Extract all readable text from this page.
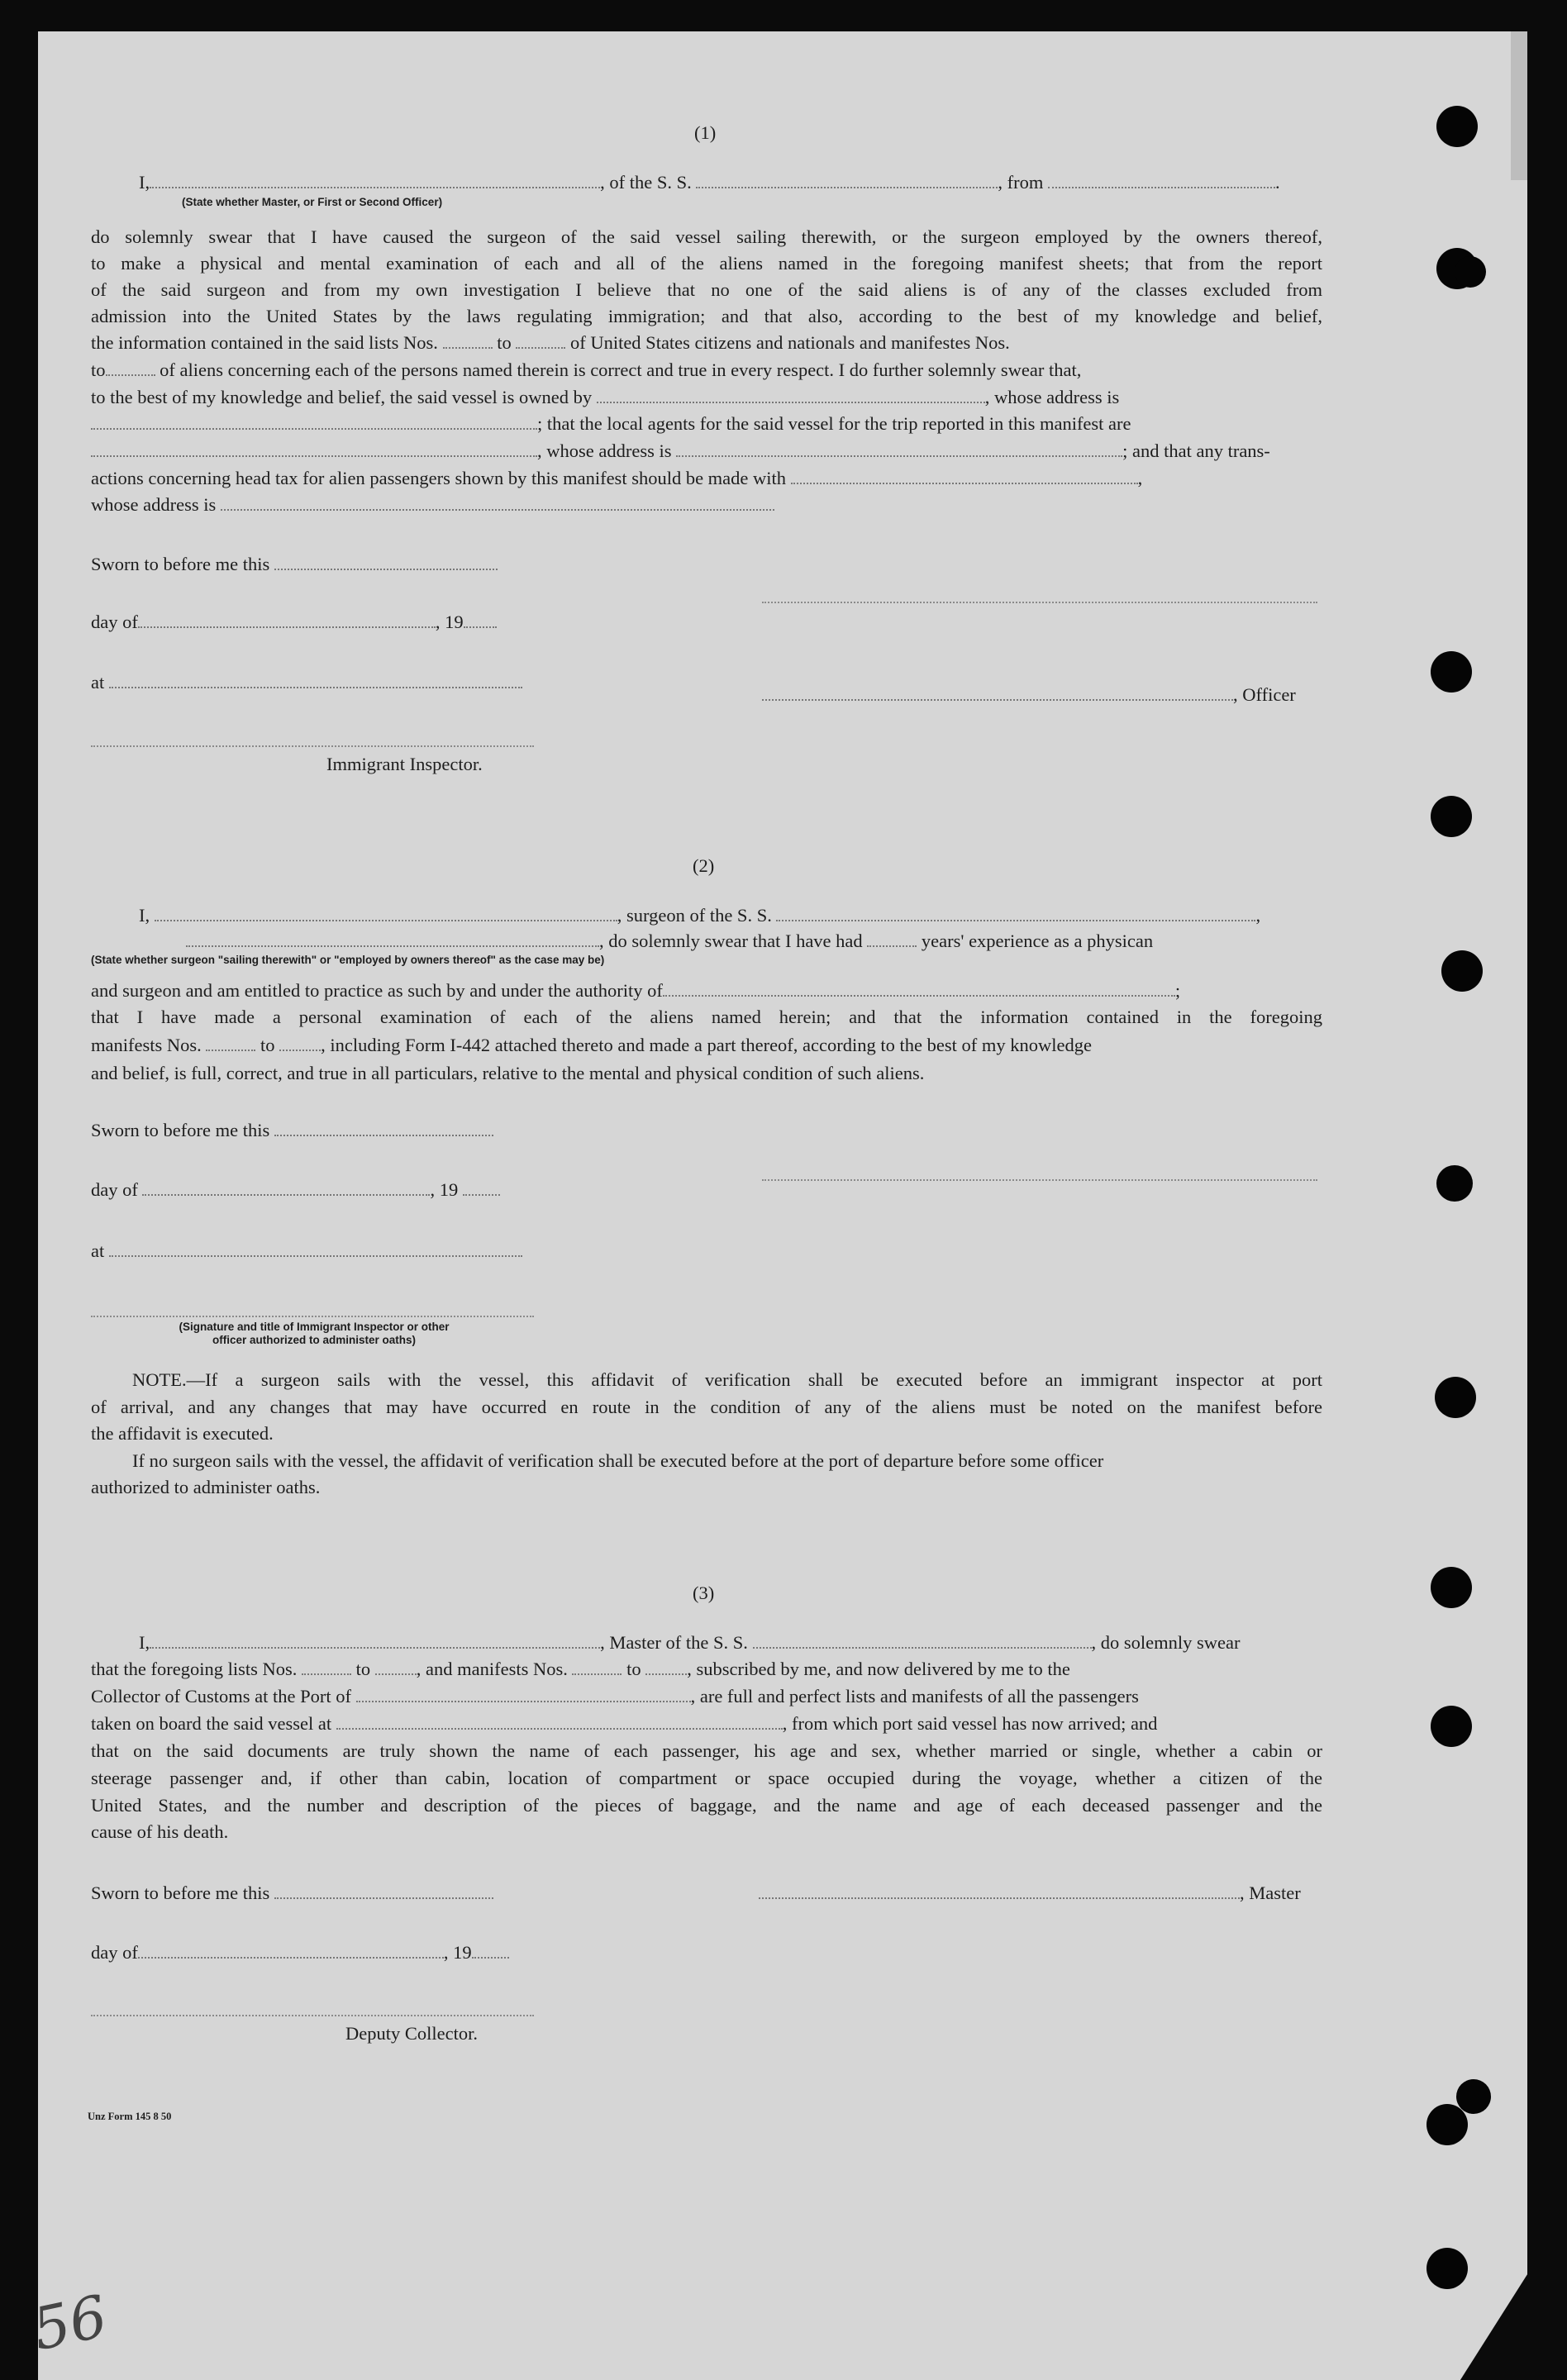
(1)
I,	, of the S. S.	, from	.
(State whether Master, or First or Second Officer)
do solemnly swear that I have caused the surgeon of the said vessel sailing therewith, or the surgeon employed by the owners thereof,
to make a physical and mental examination of each and all of the aliens named in the foregoing manifest sheets; that from the report
of the said surgeon and from my own investigation I believe that no one of the said aliens is of any of the classes excluded from
admission into the United States by the laws regulating immigration; and that also, according to the best of my knowledge and belief,
the information contained in the said lists Nos.	to	of United States citizens and nationals and manifestes Nos.
to	of aliens concerning each of the persons named therein is correct and true in every respect. I do further solemnly swear that,
to the best of my knowledge and belief, the said vessel is owned by	, whose address is
; that the local agents for the said vessel for the trip reported in this manifest are
, whose address is	; and that any trans-
actions concerning head tax for alien passengers shown by this manifest should be made with	,
whose address is
Sworn to before me this
day of	, 19
at
, Officer
Immigrant Inspector.
(2)
I,	, surgeon of the S. S.	,
, do solemnly swear that I have had	years' experience as a physican
(State whether surgeon "sailing therewith" or "employed by owners thereof" as the case may be)
and surgeon and am entitled to practice as such by and under the authority of	;
that I have made a personal examination of each of the aliens named herein; and that the information contained in the foregoing
manifests Nos.	to , including Form I-442 attached thereto and made a part thereof, according to the best of my knowledge
and belief, is full, correct, and true in all particulars, relative to the mental and physical condition of such aliens.
Sworn to before me this
day of	, 19
at
(Signature and title of Immigrant Inspector or other
officer authorized to administer oaths)
NOTE.—If a surgeon sails with the vessel, this affidavit of verification shall be executed before an immigrant inspector at port
of arrival, and any changes that may have occurred en route in the condition of any of the aliens must be noted on the manifest before
the affidavit is executed.
If no surgeon sails with the vessel, the affidavit of verification shall be executed before at the port of departure before some officer
authorized to administer oaths.
(3)
I,	, Master of the S. S.	, do solemnly swear
that the foregoing lists Nos.	to , and manifests Nos.	to , subscribed by me, and now delivered by me to the
Collector of Customs at the Port of	, are full and perfect lists and manifests of all the passengers
taken on board the said vessel at	, from which port said vessel has now arrived; and
that on the said documents are truly shown the name of each passenger, his age and sex, whether married or single, whether a cabin or
steerage passenger and, if other than cabin, location of compartment or space occupied during the voyage, whether a citizen of the
United States, and the number and description of the pieces of baggage, and the name and age of each deceased passenger and the
cause of his death.
Sworn to before me this	, Master
day of	, 19
Deputy Collector.
Unz Form 145 8 50
56
